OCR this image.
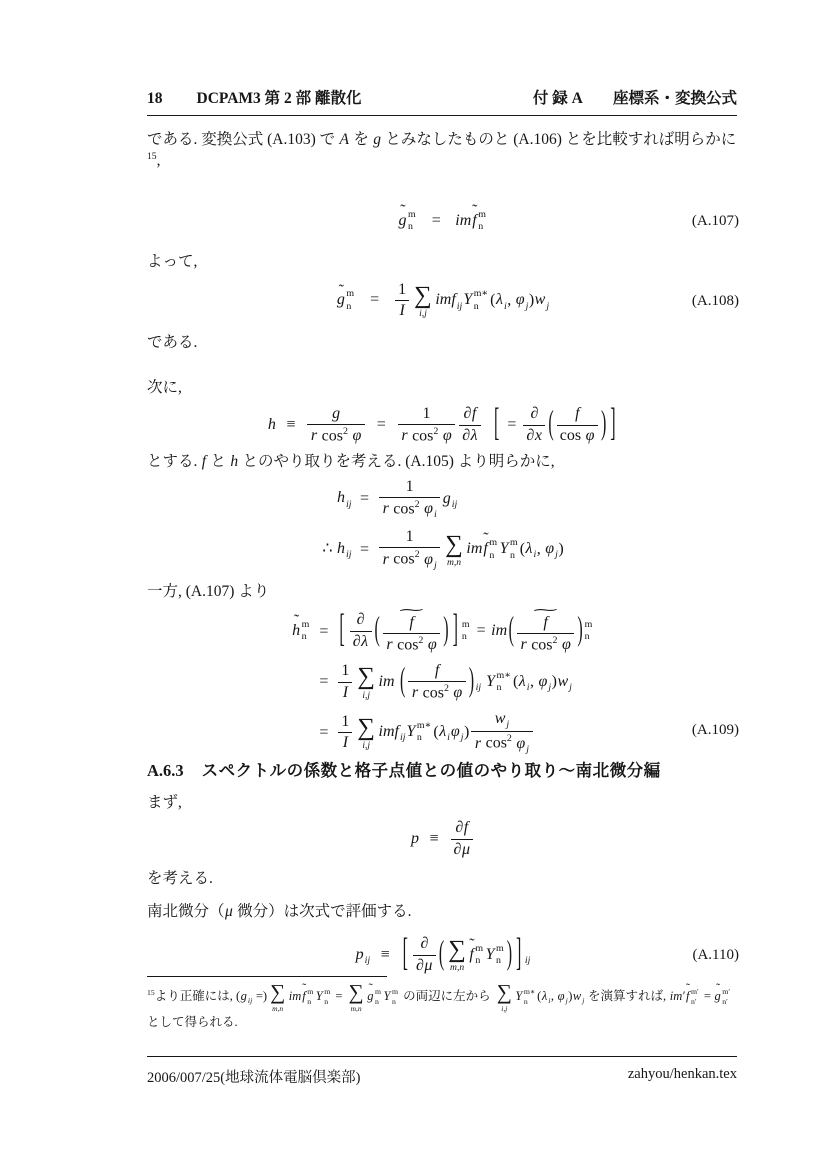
18 DCPAM3 第 2 部 離散化	付 録 A　　座標系・変換公式

である. 変換公式 (A.103) で A を g とみなしたものと (A.106) とを比較すれば明らかに$^{15}$,

g ˜ m
n = imf ˜ m
n	(A.107)

よって,

g ˜ m
$n = \frac{1}{I}$ ∑
i,j
imf$_{ij}$Y m∗
n ($\lambda_i$, $\varphi_j)w_j$	(A.108)

である.

次に,

$h \equiv \frac{g}{r \cos^2 \varphi} = \frac{1}{r \cos^2 \varphi} \frac{\partial f}{\partial\lambda}$ [ =
∂
∂x ( $\frac{f}{\text{cos φ}}$ ) ]

とする. f と h とのやり取りを考える. (A.105) より明らかに,

$h_{ij}$	=	$\frac{1}{r \cos^2 \varphi_i} g_{ij}$
∴ $h_{ij}$	=	$\frac{1}{r \cos^2 \varphi_j}$ ∑
m,n
imf ˜ m
n Y m
n ($\lambda_i$, $\varphi_j$)

一方, (A.107) より

h ˜ m
n	=	[ ∂
∂λ (
∼
f
r $\cos^2 \varphi$ ) ] m
n = im(
∼
f
r $\cos^2 \varphi$ ) m
n

	=	$\frac{1}{I}$ ∑
i,j
im ( $\frac{f}{r \cos^2 \varphi}$ ) $_{ij}$ Y m∗
n ($\lambda_i$, $\varphi_j)w_j$
	=	$\frac{1}{I}$ ∑
i,j
imf$_{ij}$Y m∗
n $(\lambda_i\varphi_j) \frac{w_j}{r \cos^2 \varphi_j}$	(A.109)
A.6.3 スペクトルの係数と格子点値との値のやり取り～南北微分編

まず,

$p \equiv \frac{\partial f}{\partial\mu}$

を考える.

南北微分（μ 微分）は次式で評価する.

$p_{ij}$ ≡ [ ∂
∂μ ( ∑
m,n
f ˜ m
n Y m
n ) ] $_{ij}$	(A.110)
$^{15}$より正確には, ($g_{ij}$ =) ∑
m,n
imf ˜ m
n Y m
n = ∑
m,n
g ˜ m
n Y m
n の両辺に左から ∑
i,j
Y m∗
n ($\lambda_i$, $\varphi_j)w_j$ を演算すれば, im′f ˜ m′
n′ = g ˜ m′
n′
として得られる.
2006/007/25(地球流体電脳倶楽部)	zahyou/henkan.tex
